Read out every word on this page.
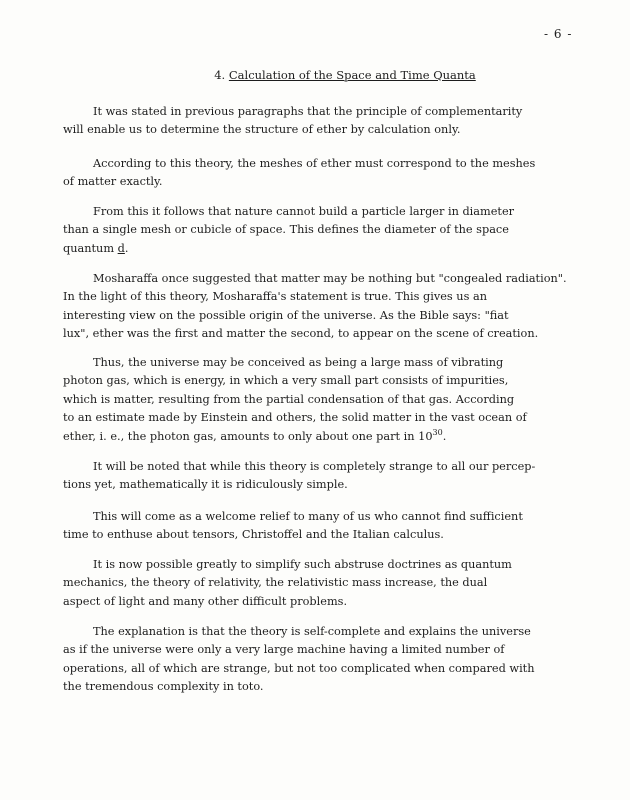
- 6 -
4. Calculation of the Space and Time Quanta
It was stated in previous paragraphs that the principle of complementarity
will enable us to determine the structure of ether by calculation only.
According to this theory, the meshes of ether must correspond to the meshes
of matter exactly.
From this it follows that nature cannot build a particle larger in diameter
than a single mesh or cubicle of space. This defines the diameter of the space
quantum d.
Mosharaffa once suggested that matter may be nothing but "congealed radiation".
In the light of this theory, Mosharaffa's statement is true. This gives us an
interesting view on the possible origin of the universe. As the Bible says: "fiat
lux", ether was the first and matter the second, to appear on the scene of creation.
Thus, the universe may be conceived as being a large mass of vibrating
photon gas, which is energy, in which a very small part consists of impurities,
which is matter, resulting from the partial condensation of that gas. According
to an estimate made by Einstein and others, the solid matter in the vast ocean of
ether, i. e., the photon gas, amounts to only about one part in $10^{30}$.
It will be noted that while this theory is completely strange to all our percep-
tions yet, mathematically it is ridiculously simple.
This will come as a welcome relief to many of us who cannot find sufficient
time to enthuse about tensors, Christoffel and the Italian calculus.
It is now possible greatly to simplify such abstruse doctrines as quantum
mechanics, the theory of relativity, the relativistic mass increase, the dual
aspect of light and many other difficult problems.
The explanation is that the theory is self-complete and explains the universe
as if the universe were only a very large machine having a limited number of
operations, all of which are strange, but not too complicated when compared with
the tremendous complexity in toto.
